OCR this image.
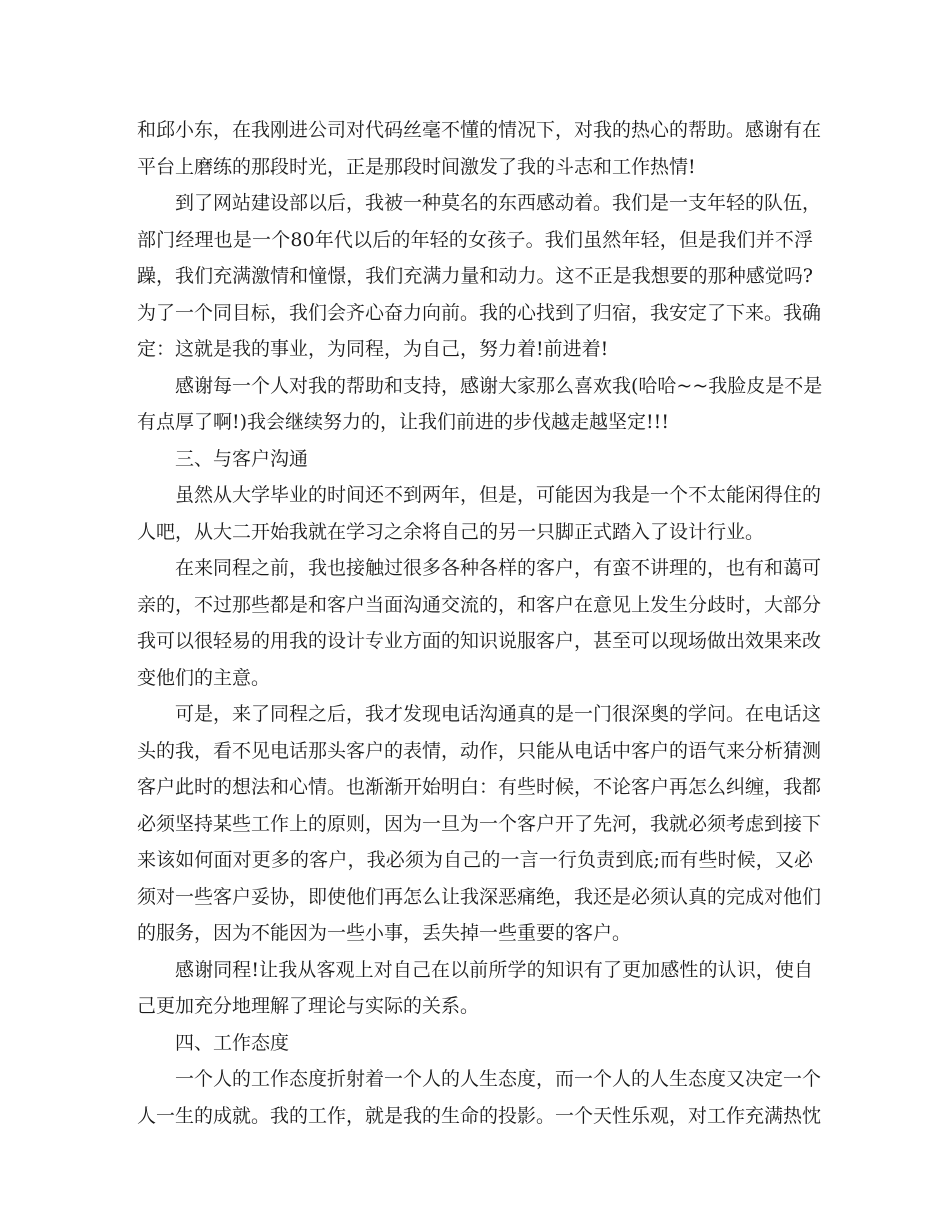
和邱小东，在我刚进公司对代码丝毫不懂的情况下，对我的热心的帮助。感谢有在
平台上磨练的那段时光，正是那段时间激发了我的斗志和工作热情!
到了网站建设部以后，我被一种莫名的东西感动着。我们是一支年轻的队伍，
部门经理也是一个80年代以后的年轻的女孩子。我们虽然年轻，但是我们并不浮
躁，我们充满激情和憧憬，我们充满力量和动力。这不正是我想要的那种感觉吗?
为了一个同目标，我们会齐心奋力向前。我的心找到了归宿，我安定了下来。我确
定：这就是我的事业，为同程，为自己，努力着!前进着!
感谢每一个人对我的帮助和支持，感谢大家那么喜欢我(哈哈~~我脸皮是不是
有点厚了啊!)我会继续努力的，让我们前进的步伐越走越坚定!!!
三、与客户沟通
虽然从大学毕业的时间还不到两年，但是，可能因为我是一个不太能闲得住的
人吧，从大二开始我就在学习之余将自己的另一只脚正式踏入了设计行业。
在来同程之前，我也接触过很多各种各样的客户，有蛮不讲理的，也有和蔼可
亲的，不过那些都是和客户当面沟通交流的，和客户在意见上发生分歧时，大部分
我可以很轻易的用我的设计专业方面的知识说服客户，甚至可以现场做出效果来改
变他们的主意。
可是，来了同程之后，我才发现电话沟通真的是一门很深奥的学问。在电话这
头的我，看不见电话那头客户的表情，动作，只能从电话中客户的语气来分析猜测
客户此时的想法和心情。也渐渐开始明白：有些时候，不论客户再怎么纠缠，我都
必须坚持某些工作上的原则，因为一旦为一个客户开了先河，我就必须考虑到接下
来该如何面对更多的客户，我必须为自己的一言一行负责到底;而有些时候，又必
须对一些客户妥协，即使他们再怎么让我深恶痛绝，我还是必须认真的完成对他们
的服务，因为不能因为一些小事，丢失掉一些重要的客户。
感谢同程!让我从客观上对自己在以前所学的知识有了更加感性的认识，使自
己更加充分地理解了理论与实际的关系。
四、工作态度
一个人的工作态度折射着一个人的人生态度，而一个人的人生态度又决定一个
人一生的成就。我的工作，就是我的生命的投影。一个天性乐观，对工作充满热忱
